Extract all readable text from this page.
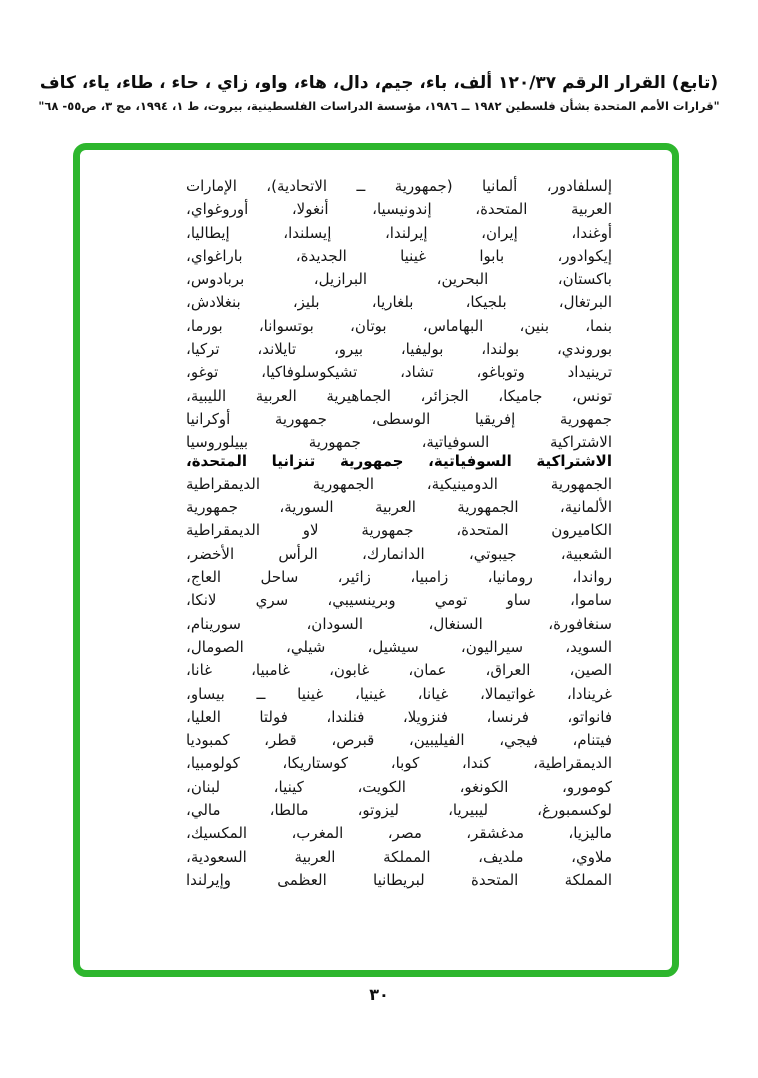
(تابع) القرار الرقم ١٢٠/٣٧ ألف، باء، جيم، دال، هاء، واو، زاي ، حاء ، طاء، ياء، كاف
"قرارات الأمم المتحدة بشأن فلسطين ١٩٨٢ ــ ١٩٨٦، مؤسسة الدراسات الفلسطينية، بيروت، ط ١، ١٩٩٤، مج ٣، ص٥٥- ٦٨"
إلسلفادور، ألمانيا (جمهورية ــ الاتحادية)، الإمارات
العربية المتحدة، إندونيسيا، أنغولا، أوروغواي،
أوغندا، إيران، إيرلندا، إيسلندا، إيطاليا،
إيكوادور، بابوا غينيا الجديدة، باراغواي،
باكستان، البحرين، البرازيل، بربادوس،
البرتغال، بلجيكا، بلغاريا، بليز، بنغلادش،
بنما، بنين، البهاماس، بوتان، بوتسوانا، بورما،
بوروندي، بولندا، بوليفيا، بيرو، تايلاند، تركيا،
ترينيداد وتوباغو، تشاد، تشيكوسلوفاكيا، توغو،
تونس، جاميكا، الجزائر، الجماهيرية العربية الليبية،
جمهورية إفريقيا الوسطى، جمهورية أوكرانيا
الاشتراكية السوفياتية، جمهورية بييلوروسيا
الاشتراكية السوفياتية، جمهورية تنزانيا المتحدة،
الجمهورية الدومينيكية، الجمهورية الديمقراطية
الألمانية، الجمهورية العربية السورية، جمهورية
الكاميرون المتحدة، جمهورية لاو الديمقراطية
الشعبية، جيبوتي، الدانمارك، الرأس الأخضر،
رواندا، رومانيا، زامبيا، زائير، ساحل العاج،
ساموا، ساو تومي وبرينسيبي، سري لانكا،
سنغافورة، السنغال، السودان، سورينام،
السويد، سيراليون، سيشيل، شيلي، الصومال،
الصين، العراق، عمان، غابون، غامبيا، غانا،
غرينادا، غواتيمالا، غيانا، غينيا، غينيا ــ بيساو،
فانواتو، فرنسا، فنزويلا، فنلندا، فولتا العليا،
فيتنام، فيجي، الفيليبين، قبرص، قطر، كمبوديا
الديمقراطية، كندا، كوبا، كوستاريكا، كولومبيا،
كومورو، الكونغو، الكويت، كينيا، لبنان،
لوكسمبورغ، ليبيريا، ليزوتو، مالطا، مالي،
ماليزيا، مدغشقر، مصر، المغرب، المكسيك،
ملاوي، ملديف، المملكة العربية السعودية،
المملكة المتحدة لبريطانيا العظمى وإيرلندا
٣٠
